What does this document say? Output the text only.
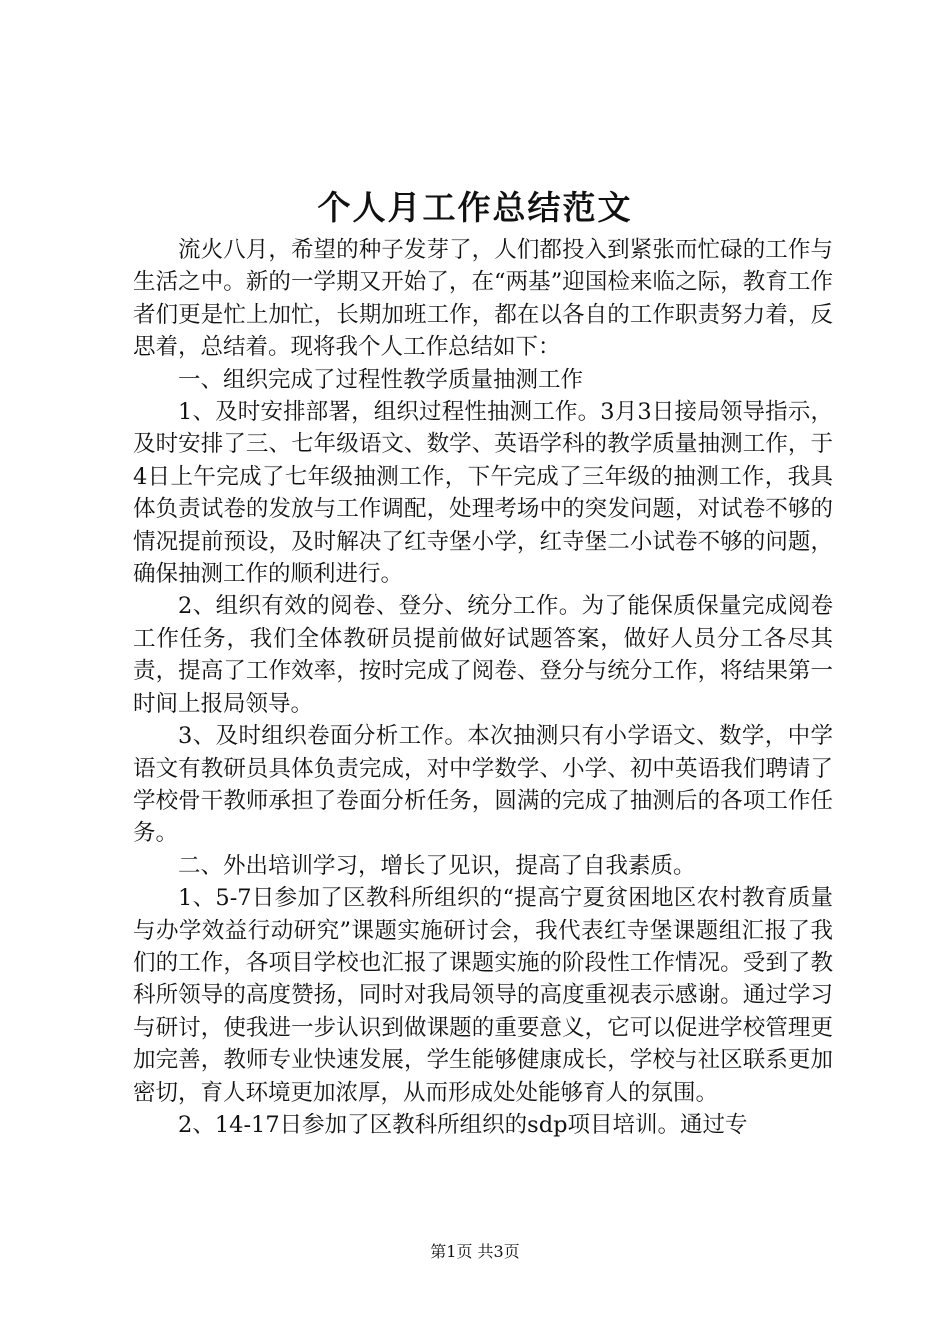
个人月工作总结范文

流火八月，希望的种子发芽了，人们都投入到紧张而忙碌的工作与生活之中。新的一学期又开始了，在“两基”迎国检来临之际，教育工作者们更是忙上加忙，长期加班工作，都在以各自的工作职责努力着，反思着，总结着。现将我个人工作总结如下：

一、组织完成了过程性教学质量抽测工作

1、及时安排部署，组织过程性抽测工作。3月3日接局领导指示，及时安排了三、七年级语文、数学、英语学科的教学质量抽测工作，于4日上午完成了七年级抽测工作，下午完成了三年级的抽测工作，我具体负责试卷的发放与工作调配，处理考场中的突发问题，对试卷不够的情况提前预设，及时解决了红寺堡小学，红寺堡二小试卷不够的问题，确保抽测工作的顺利进行。

2、组织有效的阅卷、登分、统分工作。为了能保质保量完成阅卷工作任务，我们全体教研员提前做好试题答案，做好人员分工各尽其责，提高了工作效率，按时完成了阅卷、登分与统分工作，将结果第一时间上报局领导。

3、及时组织卷面分析工作。本次抽测只有小学语文、数学，中学语文有教研员具体负责完成，对中学数学、小学、初中英语我们聘请了学校骨干教师承担了卷面分析任务，圆满的完成了抽测后的各项工作任务。

二、外出培训学习，增长了见识，提高了自我素质。

1、5-7日参加了区教科所组织的“提高宁夏贫困地区农村教育质量与办学效益行动研究”课题实施研讨会，我代表红寺堡课题组汇报了我们的工作，各项目学校也汇报了课题实施的阶段性工作情况。受到了教科所领导的高度赞扬，同时对我局领导的高度重视表示感谢。通过学习与研讨，使我进一步认识到做课题的重要意义，它可以促进学校管理更加完善，教师专业快速发展，学生能够健康成长，学校与社区联系更加密切，育人环境更加浓厚，从而形成处处能够育人的氛围。

2、14-17日参加了区教科所组织的sdp项目培训。通过专

第1页 共3页
